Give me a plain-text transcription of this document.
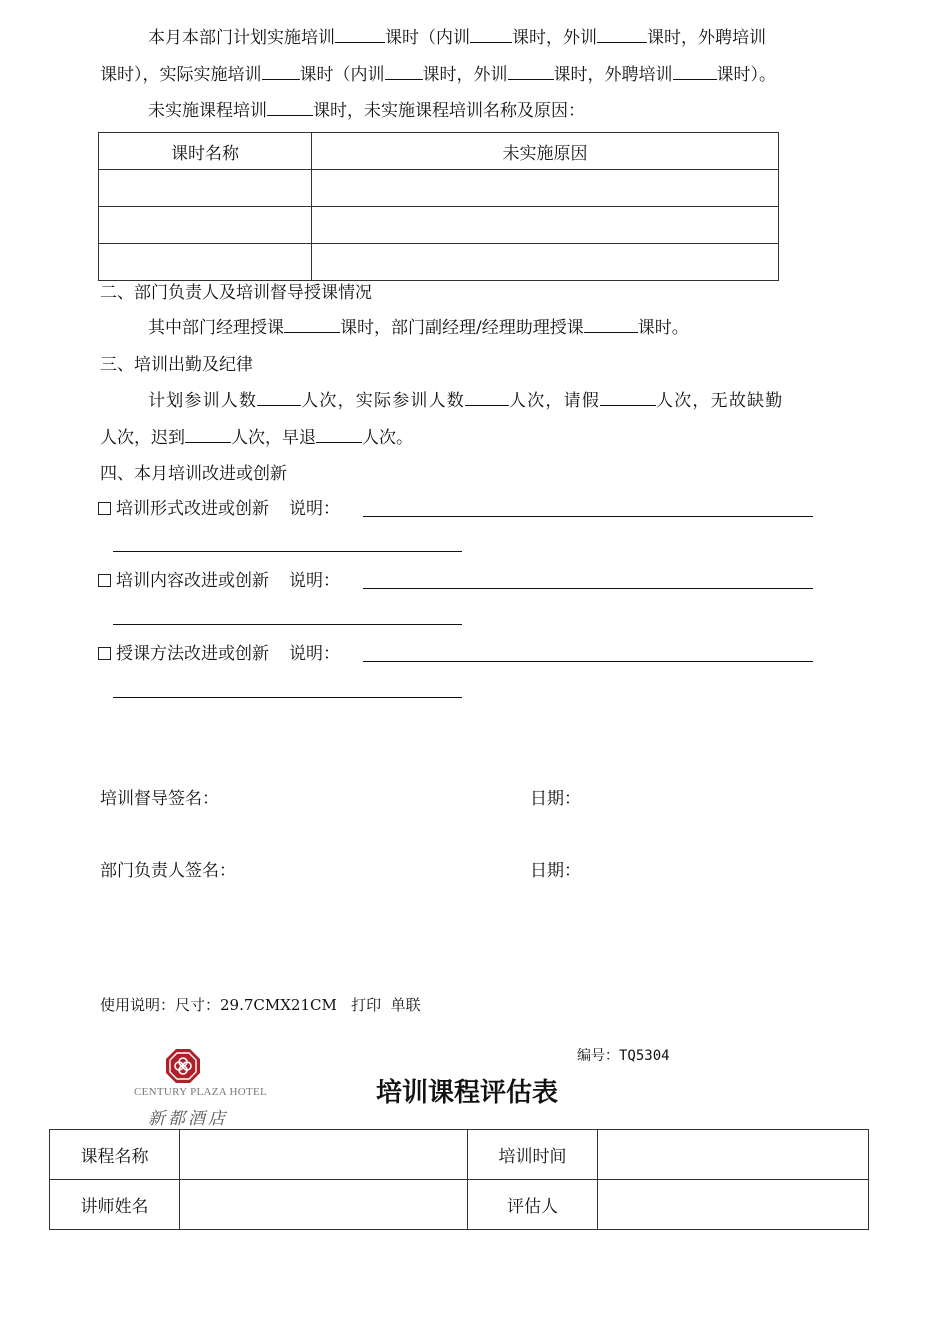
本月本部门计划实施培训	课时（内训 课时，外训	课时，外聘培训
课时），实际实施培训 课时（内训 课时，外训	课时，外聘培训	课时）。
未实施课程培训	课时，未实施课程培训名称及原因：
课时名称	未实施原因

二、部门负责人及培训督导授课情况
其中部门经理授课	课时，部门副经理/经理助理授课	课时。
三、培训出勤及纪律
计划参训人数	人次，实际参训人数	人次，请假	人次，无故缺勤
人次，迟到	人次，早退	人次。
四、本月培训改进或创新
培训形式改进或创新 说明：
培训内容改进或创新 说明：
授课方法改进或创新 说明：
培训督导签名：	日期：
部门负责人签名：	日期：
使用说明：尺寸：29.7CMX21CM   打印  单联
编号：TQ5304
CENTURY PLAZA HOTEL
新都酒店
培训课程评估表
课程名称		培训时间	
讲师姓名		评估人	
